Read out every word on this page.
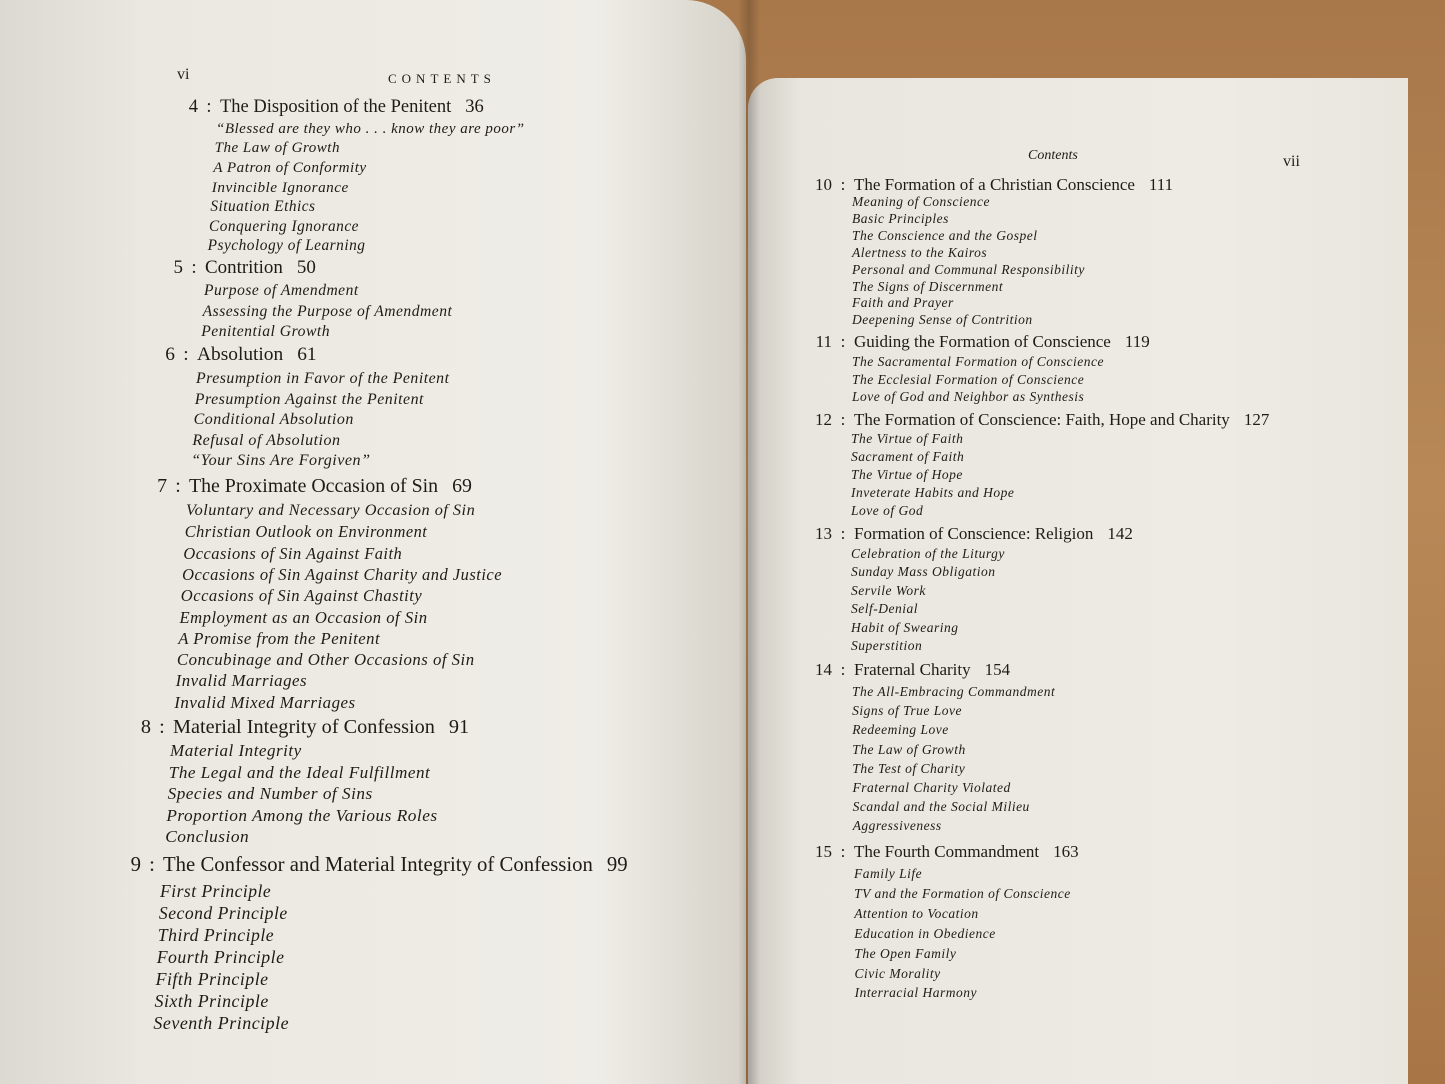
vi	CONTENTS
Contents	vii
4 : The Disposition of the Penitent 36
“Blessed are they who . . . know they are poor”
The Law of Growth
A Patron of Conformity
Invincible Ignorance
Situation Ethics
Conquering Ignorance
Psychology of Learning
5 : Contrition 50
Purpose of Amendment
Assessing the Purpose of Amendment
Penitential Growth
6 : Absolution 61
Presumption in Favor of the Penitent
Presumption Against the Penitent
Conditional Absolution
Refusal of Absolution
“Your Sins Are Forgiven”
7 : The Proximate Occasion of Sin 69
Voluntary and Necessary Occasion of Sin
Christian Outlook on Environment
Occasions of Sin Against Faith
Occasions of Sin Against Charity and Justice
Occasions of Sin Against Chastity
Employment as an Occasion of Sin
A Promise from the Penitent
Concubinage and Other Occasions of Sin
Invalid Marriages
Invalid Mixed Marriages
8 : Material Integrity of Confession 91
Material Integrity
The Legal and the Ideal Fulfillment
Species and Number of Sins
Proportion Among the Various Roles
Conclusion
9 : The Confessor and Material Integrity of Confession 99
First Principle
Second Principle
Third Principle
Fourth Principle
Fifth Principle
Sixth Principle
Seventh Principle
10 : The Formation of a Christian Conscience 111
Meaning of Conscience
Basic Principles
The Conscience and the Gospel
Alertness to the Kairos
Personal and Communal Responsibility
The Signs of Discernment
Faith and Prayer
Deepening Sense of Contrition
11 : Guiding the Formation of Conscience 119
The Sacramental Formation of Conscience
The Ecclesial Formation of Conscience
Love of God and Neighbor as Synthesis
12 : The Formation of Conscience: Faith, Hope and Charity 127
The Virtue of Faith
Sacrament of Faith
The Virtue of Hope
Inveterate Habits and Hope
Love of God
13 : Formation of Conscience: Religion 142
Celebration of the Liturgy
Sunday Mass Obligation
Servile Work
Self-Denial
Habit of Swearing
Superstition
14 : Fraternal Charity 154
The All-Embracing Commandment
Signs of True Love
Redeeming Love
The Law of Growth
The Test of Charity
Fraternal Charity Violated
Scandal and the Social Milieu
Aggressiveness
15 : The Fourth Commandment 163
Family Life
TV and the Formation of Conscience
Attention to Vocation
Education in Obedience
The Open Family
Civic Morality
Interracial Harmony
